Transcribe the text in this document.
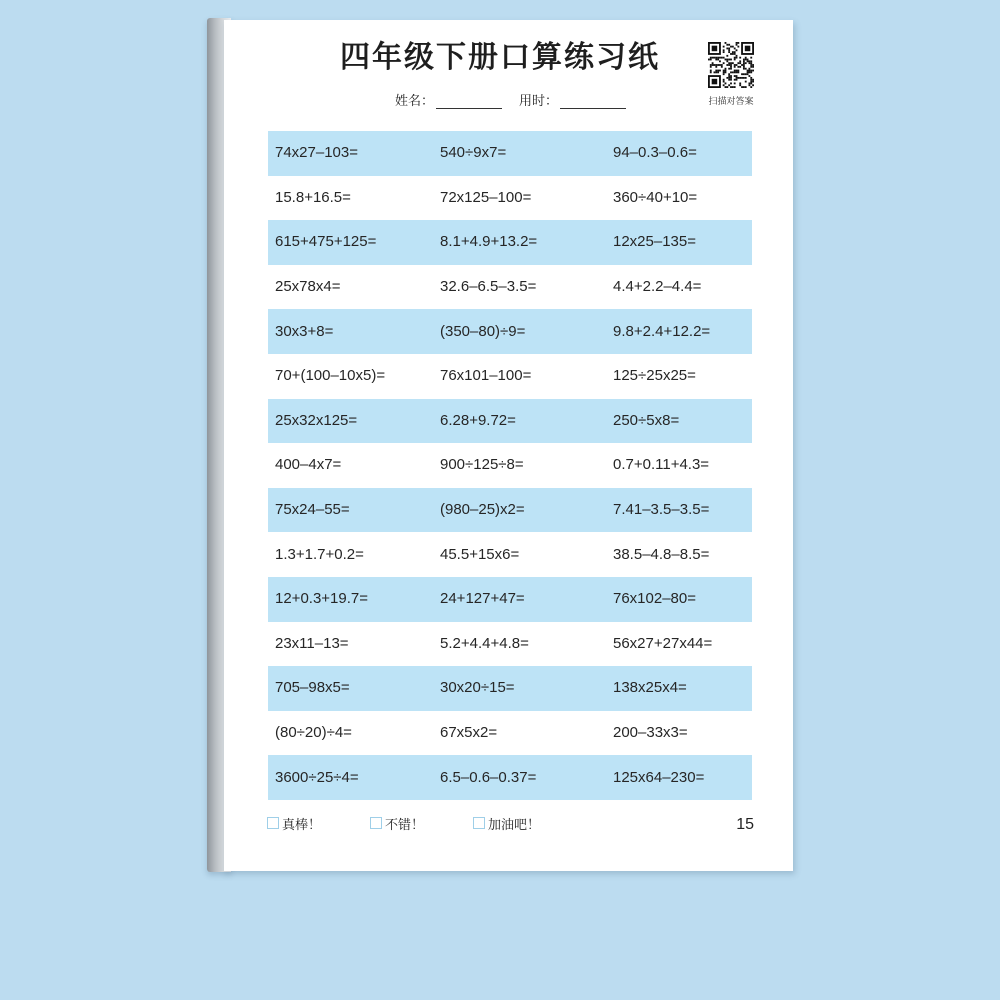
四年级下册口算练习纸
姓名：	用时：	扫描对答案
74x27–103=	540÷9x7=	94–0.3–0.6=
15.8+16.5=	72x125–100=	360÷40+10=
615+475+125=	8.1+4.9+13.2=	12x25–135=
25x78x4=	32.6–6.5–3.5=	4.4+2.2–4.4=
30x3+8=	(350–80)÷9=	9.8+2.4+12.2=
70+(100–10x5)=	76x101–100=	125÷25x25=
25x32x125=	6.28+9.72=	250÷5x8=
400–4x7=	900÷125÷8=	0.7+0.11+4.3=
75x24–55=	(980–25)x2=	7.41–3.5–3.5=
1.3+1.7+0.2=	45.5+15x6=	38.5–4.8–8.5=
12+0.3+19.7=	24+127+47=	76x102–80=
23x11–13=	5.2+4.4+4.8=	56x27+27x44=
705–98x5=	30x20÷15=	138x25x4=
(80÷20)÷4=	67x5x2=	200–33x3=
3600÷25÷4=	6.5–0.6–0.37=	125x64–230=
真棒！	不错！	加油吧！	15
